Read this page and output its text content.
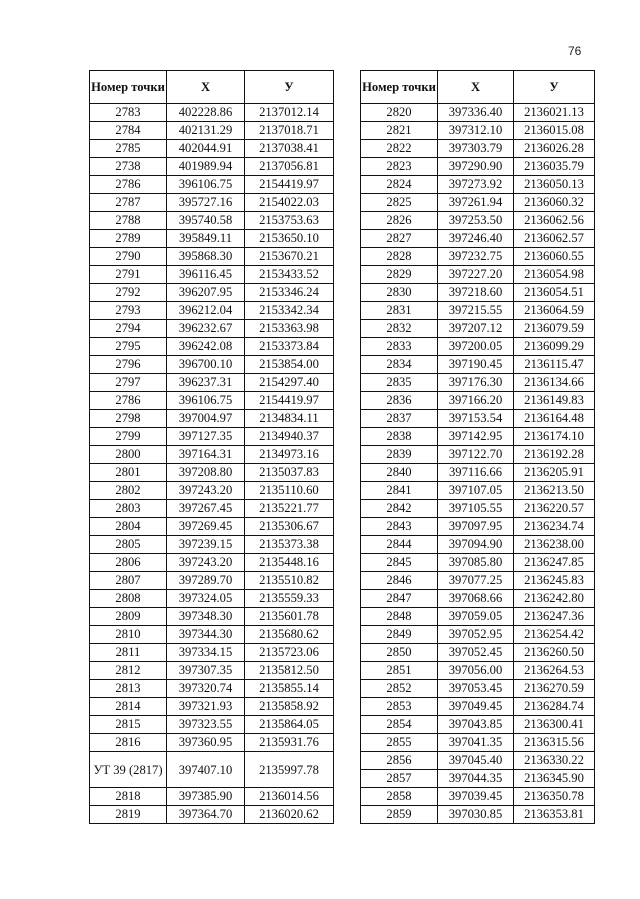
76
Номер точки	Х	У
2783	402228.86	2137012.14
2784	402131.29	2137018.71
2785	402044.91	2137038.41
2738	401989.94	2137056.81
2786	396106.75	2154419.97
2787	395727.16	2154022.03
2788	395740.58	2153753.63
2789	395849.11	2153650.10
2790	395868.30	2153670.21
2791	396116.45	2153433.52
2792	396207.95	2153346.24
2793	396212.04	2153342.34
2794	396232.67	2153363.98
2795	396242.08	2153373.84
2796	396700.10	2153854.00
2797	396237.31	2154297.40
2786	396106.75	2154419.97
2798	397004.97	2134834.11
2799	397127.35	2134940.37
2800	397164.31	2134973.16
2801	397208.80	2135037.83
2802	397243.20	2135110.60
2803	397267.45	2135221.77
2804	397269.45	2135306.67
2805	397239.15	2135373.38
2806	397243.20	2135448.16
2807	397289.70	2135510.82
2808	397324.05	2135559.33
2809	397348.30	2135601.78
2810	397344.30	2135680.62
2811	397334.15	2135723.06
2812	397307.35	2135812.50
2813	397320.74	2135855.14
2814	397321.93	2135858.92
2815	397323.55	2135864.05
2816	397360.95	2135931.76
УТ 39 (2817)	397407.10	2135997.78
2818	397385.90	2136014.56
2819	397364.70	2136020.62
Номер точки	Х	У
2820	397336.40	2136021.13
2821	397312.10	2136015.08
2822	397303.79	2136026.28
2823	397290.90	2136035.79
2824	397273.92	2136050.13
2825	397261.94	2136060.32
2826	397253.50	2136062.56
2827	397246.40	2136062.57
2828	397232.75	2136060.55
2829	397227.20	2136054.98
2830	397218.60	2136054.51
2831	397215.55	2136064.59
2832	397207.12	2136079.59
2833	397200.05	2136099.29
2834	397190.45	2136115.47
2835	397176.30	2136134.66
2836	397166.20	2136149.83
2837	397153.54	2136164.48
2838	397142.95	2136174.10
2839	397122.70	2136192.28
2840	397116.66	2136205.91
2841	397107.05	2136213.50
2842	397105.55	2136220.57
2843	397097.95	2136234.74
2844	397094.90	2136238.00
2845	397085.80	2136247.85
2846	397077.25	2136245.83
2847	397068.66	2136242.80
2848	397059.05	2136247.36
2849	397052.95	2136254.42
2850	397052.45	2136260.50
2851	397056.00	2136264.53
2852	397053.45	2136270.59
2853	397049.45	2136284.74
2854	397043.85	2136300.41
2855	397041.35	2136315.56
2856	397045.40	2136330.22
2857	397044.35	2136345.90
2858	397039.45	2136350.78
2859	397030.85	2136353.81
